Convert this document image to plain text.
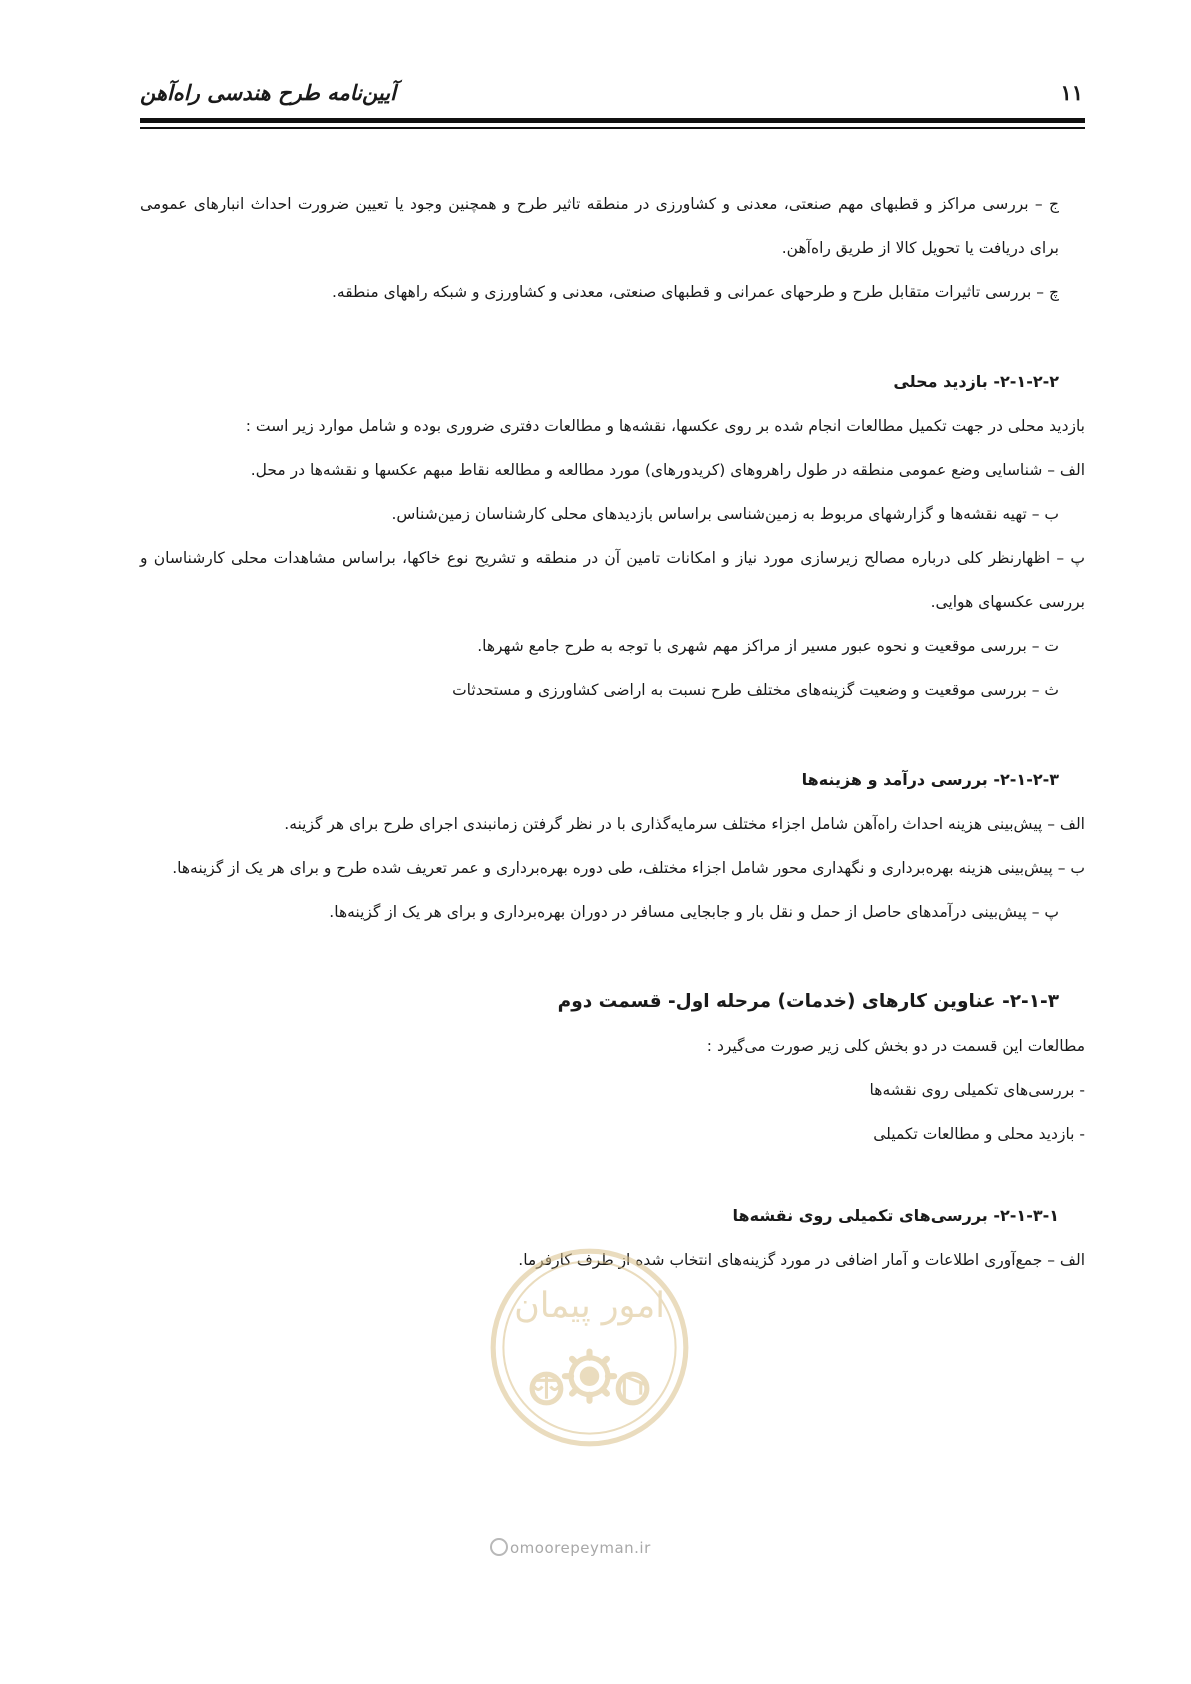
آیین‌نامه طرح هندسی راه‌آهن	۱۱

ج – بررسی مراکز و قطبهای مهم صنعتی، معدنی و کشاورزی در منطقه تاثیر طرح و همچنین وجود یا تعیین ضرورت احداث انبارهای عمومی برای دریافت یا تحویل کالا از طریق راه‌آهن.

چ – بررسی تاثیرات متقابل طرح و طرحهای عمرانی و قطبهای صنعتی، معدنی و کشاورزی و شبکه راههای منطقه.

۲-۱-۲-۲- بازدید محلی

بازدید محلی در جهت تکمیل مطالعات انجام شده بر روی عکسها، نقشه‌ها و مطالعات دفتری ضروری بوده و شامل موارد زیر است :

الف – شناسایی وضع عمومی منطقه در طول راهروهای (کریدورهای) مورد مطالعه و مطالعه نقاط مبهم عکسها و نقشه‌ها در محل.

ب – تهیه نقشه‌ها و گزارشهای مربوط به زمین‌شناسی براساس بازدیدهای محلی کارشناسان زمین‌شناس.

پ – اظهارنظر کلی درباره مصالح زیرسازی مورد نیاز و امکانات تامین آن در منطقه و تشریح نوع خاکها، براساس مشاهدات محلی کارشناسان و بررسی عکسهای هوایی.

ت – بررسی موقعیت و نحوه عبور مسیر از مراکز مهم شهری با توجه به طرح جامع شهرها.

ث – بررسی موقعیت و وضعیت گزینه‌های مختلف طرح نسبت به اراضی کشاورزی و مستحدثات

۲-۱-۲-۳- بررسی درآمد و هزینه‌ها

الف – پیش‌بینی هزینه احداث راه‌آهن شامل اجزاء مختلف سرمایه‌گذاری با در نظر گرفتن زمانبندی اجرای طرح برای هر گزینه.

ب – پیش‌بینی هزینه بهره‌برداری و نگهداری محور شامل اجزاء مختلف، طی دوره بهره‌برداری و عمر تعریف شده طرح و برای هر یک از گزینه‌ها.

پ – پیش‌بینی درآمدهای حاصل از حمل و نقل بار و جابجایی مسافر در دوران بهره‌برداری و برای هر یک از گزینه‌ها.

۲-۱-۳- عناوین کارهای (خدمات) مرحله اول- قسمت دوم

مطالعات این قسمت در دو بخش کلی زیر صورت می‌گیرد :

- بررسی‌های تکمیلی روی نقشه‌ها

- بازدید محلی و مطالعات تکمیلی

۲-۱-۳-۱- بررسی‌های تکمیلی روی نقشه‌ها

الف – جمع‌آوری اطلاعات و آمار اضافی در مورد گزینه‌های انتخاب شده از طرف کارفرما.

امور پیمان
omoorepeyman.ir
